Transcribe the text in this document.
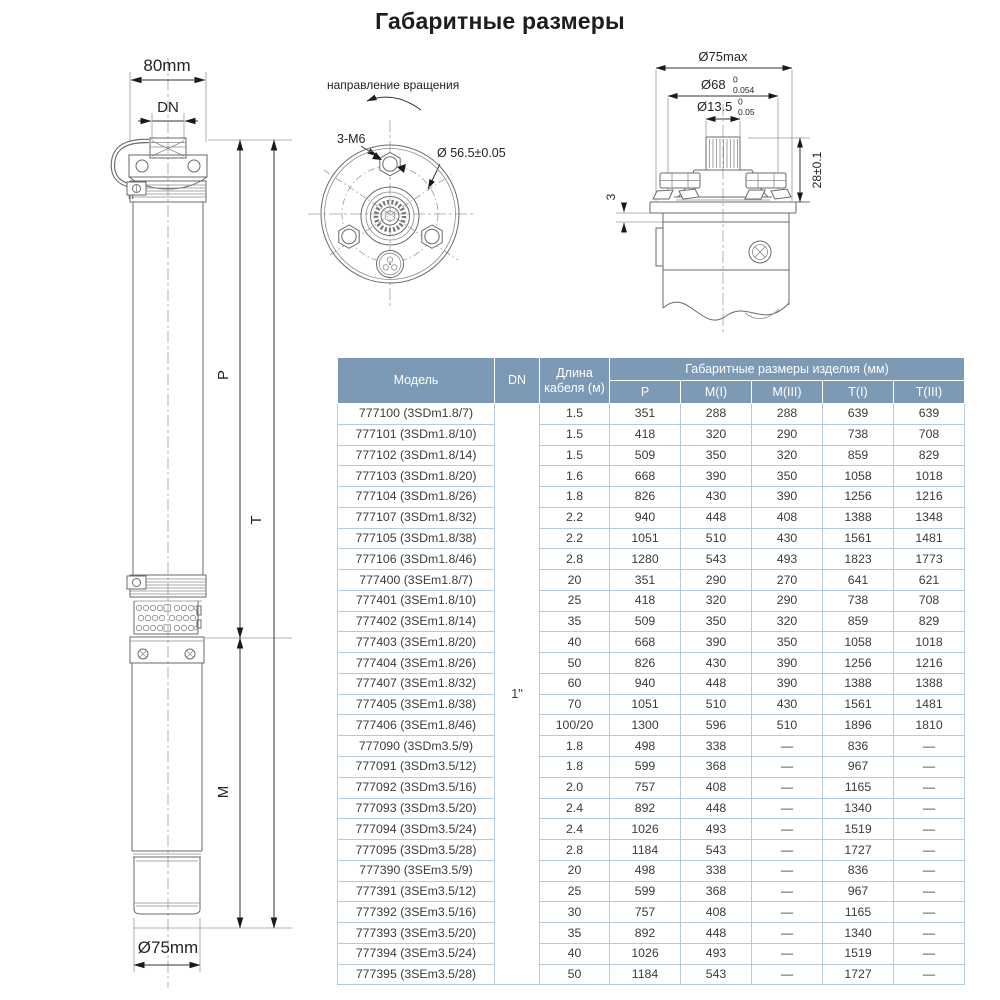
Габаритные размеры
80mm
DN
P
T
M
Ø75mm
направление вращения
3-M6
Ø 56.5±0.05
Ø75max
Ø68 0
0.054
Ø13.5 0
0.05
3
28±0.1
Модель	DN	Длина кабеля (м)	Габаритные размеры изделия (мм)				
			P	M(I)	M(III)	T(I)	T(III)
777100 (3SDm1.8/7)	1"	1.5	351	288	288	639	639
777101 (3SDm1.8/10)		1.5	418	320	290	738	708
777102 (3SDm1.8/14)		1.5	509	350	320	859	829
777103 (3SDm1.8/20)		1.6	668	390	350	1058	1018
777104 (3SDm1.8/26)		1.8	826	430	390	1256	1216
777107 (3SDm1.8/32)		2.2	940	448	408	1388	1348
777105 (3SDm1.8/38)		2.2	1051	510	430	1561	1481
777106 (3SDm1.8/46)		2.8	1280	543	493	1823	1773
777400 (3SEm1.8/7)		20	351	290	270	641	621
777401 (3SEm1.8/10)		25	418	320	290	738	708
777402 (3SEm1.8/14)		35	509	350	320	859	829
777403 (3SEm1.8/20)		40	668	390	350	1058	1018
777404 (3SEm1.8/26)		50	826	430	390	1256	1216
777407 (3SEm1.8/32)		60	940	448	390	1388	1388
777405 (3SEm1.8/38)		70	1051	510	430	1561	1481
777406 (3SEm1.8/46)		100/20	1300	596	510	1896	1810
777090 (3SDm3.5/9)		1.8	498	338	—	836	—
777091 (3SDm3.5/12)		1.8	599	368	—	967	—
777092 (3SDm3.5/16)		2.0	757	408	—	1165	—
777093 (3SDm3.5/20)		2.4	892	448	—	1340	—
777094 (3SDm3.5/24)		2.4	1026	493	—	1519	—
777095 (3SDm3.5/28)		2.8	1184	543	—	1727	—
777390 (3SEm3.5/9)		20	498	338	—	836	—
777391 (3SEm3.5/12)		25	599	368	—	967	—
777392 (3SEm3.5/16)		30	757	408	—	1165	—
777393 (3SEm3.5/20)		35	892	448	—	1340	—
777394 (3SEm3.5/24)		40	1026	493	—	1519	—
777395 (3SEm3.5/28)		50	1184	543	—	1727	—
